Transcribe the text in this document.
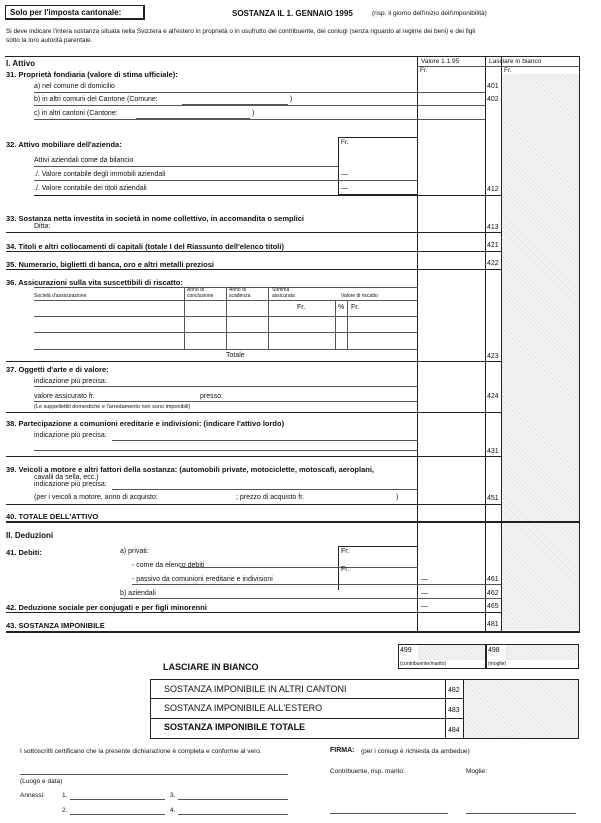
Solo per l'imposta cantonale:	SOSTANZA IL 1. GENNAIO 1995	(risp. il giorno dell'inizio dell'imponibilità)
Si deve indicare l'intera sostanza situata nella Svizzera e all'estero in proprietà o in usufrutto del contribuente, dei coniugi (senza riguardo al regime dei beni) e dei figli
sotto la loro autorità parentale.
Valore 1.1.95	Lasciare in bianco
Fr.	Fr.
I. Attivo
31. Proprietà fondiaria (valore di stima ufficiale):
a) nel comune di domicilio	401
b) in altri comuni del Cantone (Comune:	)	402
c) in altri cantoni (Cantone:	)
32. Attivo mobiliare dell'azienda:	Fr.
Attivi aziendali come da bilancio
./. Valore contabile degli immobili aziendali	—
./. Valore contabile dei titoli aziendali	—	412
33. Sostanza netta investita in società in nome collettivo, in accomandita o semplici
Ditta:	413
34. Titoli e altri collocamenti di capitali (totale I del Riassunto dell'elenco titoli)	421
35. Numerario, biglietti di banca, oro e altri metalli preziosi	422
36. Assicurazioni sulla vita suscettibili di riscatto:
Società d'assicurazione
Anno di conclusione
Anno di scadenza
Somma assicurata	Valore di riscatto
Fr.	% Fr.
Totale	423
37. Oggetti d'arte e di valore:
indicazione più precisa:
valore assicurato fr.	presso:	424
(Le suppellettili domestiche e l'arredamento non sono imponibili)
38. Partecipazione a comunioni ereditarie e indivisioni: (indicare l'attivo lordo)
indicazione più precisa:
431
39. Veicoli a motore e altri fattori della sostanza: (automobili private, motociclette, motoscafi, aeroplani,
cavalli da sella, ecc.)
indicazione più precisa:
(per i veicoli a motore, anno di acquisto:	; prezzo di acquisto fr.	)	451
40. TOTALE DELL'ATTIVO
II. Deduzioni
41. Debiti:	a) privati:	Fr.
- come da elenco debiti
Fr.
- passivo da comunioni ereditarie e indivisioni	—	461
b) aziendali	—	462
42. Deduzione sociale per conjugati e per figli minorenni	—	465
43. SOSTANZA IMPONIBILE	481
499
(contribuente/marito)
498
(moglie)
LASCIARE IN BIANCO
SOSTANZA IMPONIBILE IN ALTRI CANTONI	482
SOSTANZA IMPONIBILE ALL'ESTERO	483
SOSTANZA IMPONIBILE TOTALE	484
I sottoscritti certificano che la presente dichiarazione è completa e conforme al vero.	FIRMA: (per i coniugi è richiesta da ambedue)
(Luogo e data)
Contribuente, risp. marito:	Moglie:
Annessi:	1.	3.
2.	4.
